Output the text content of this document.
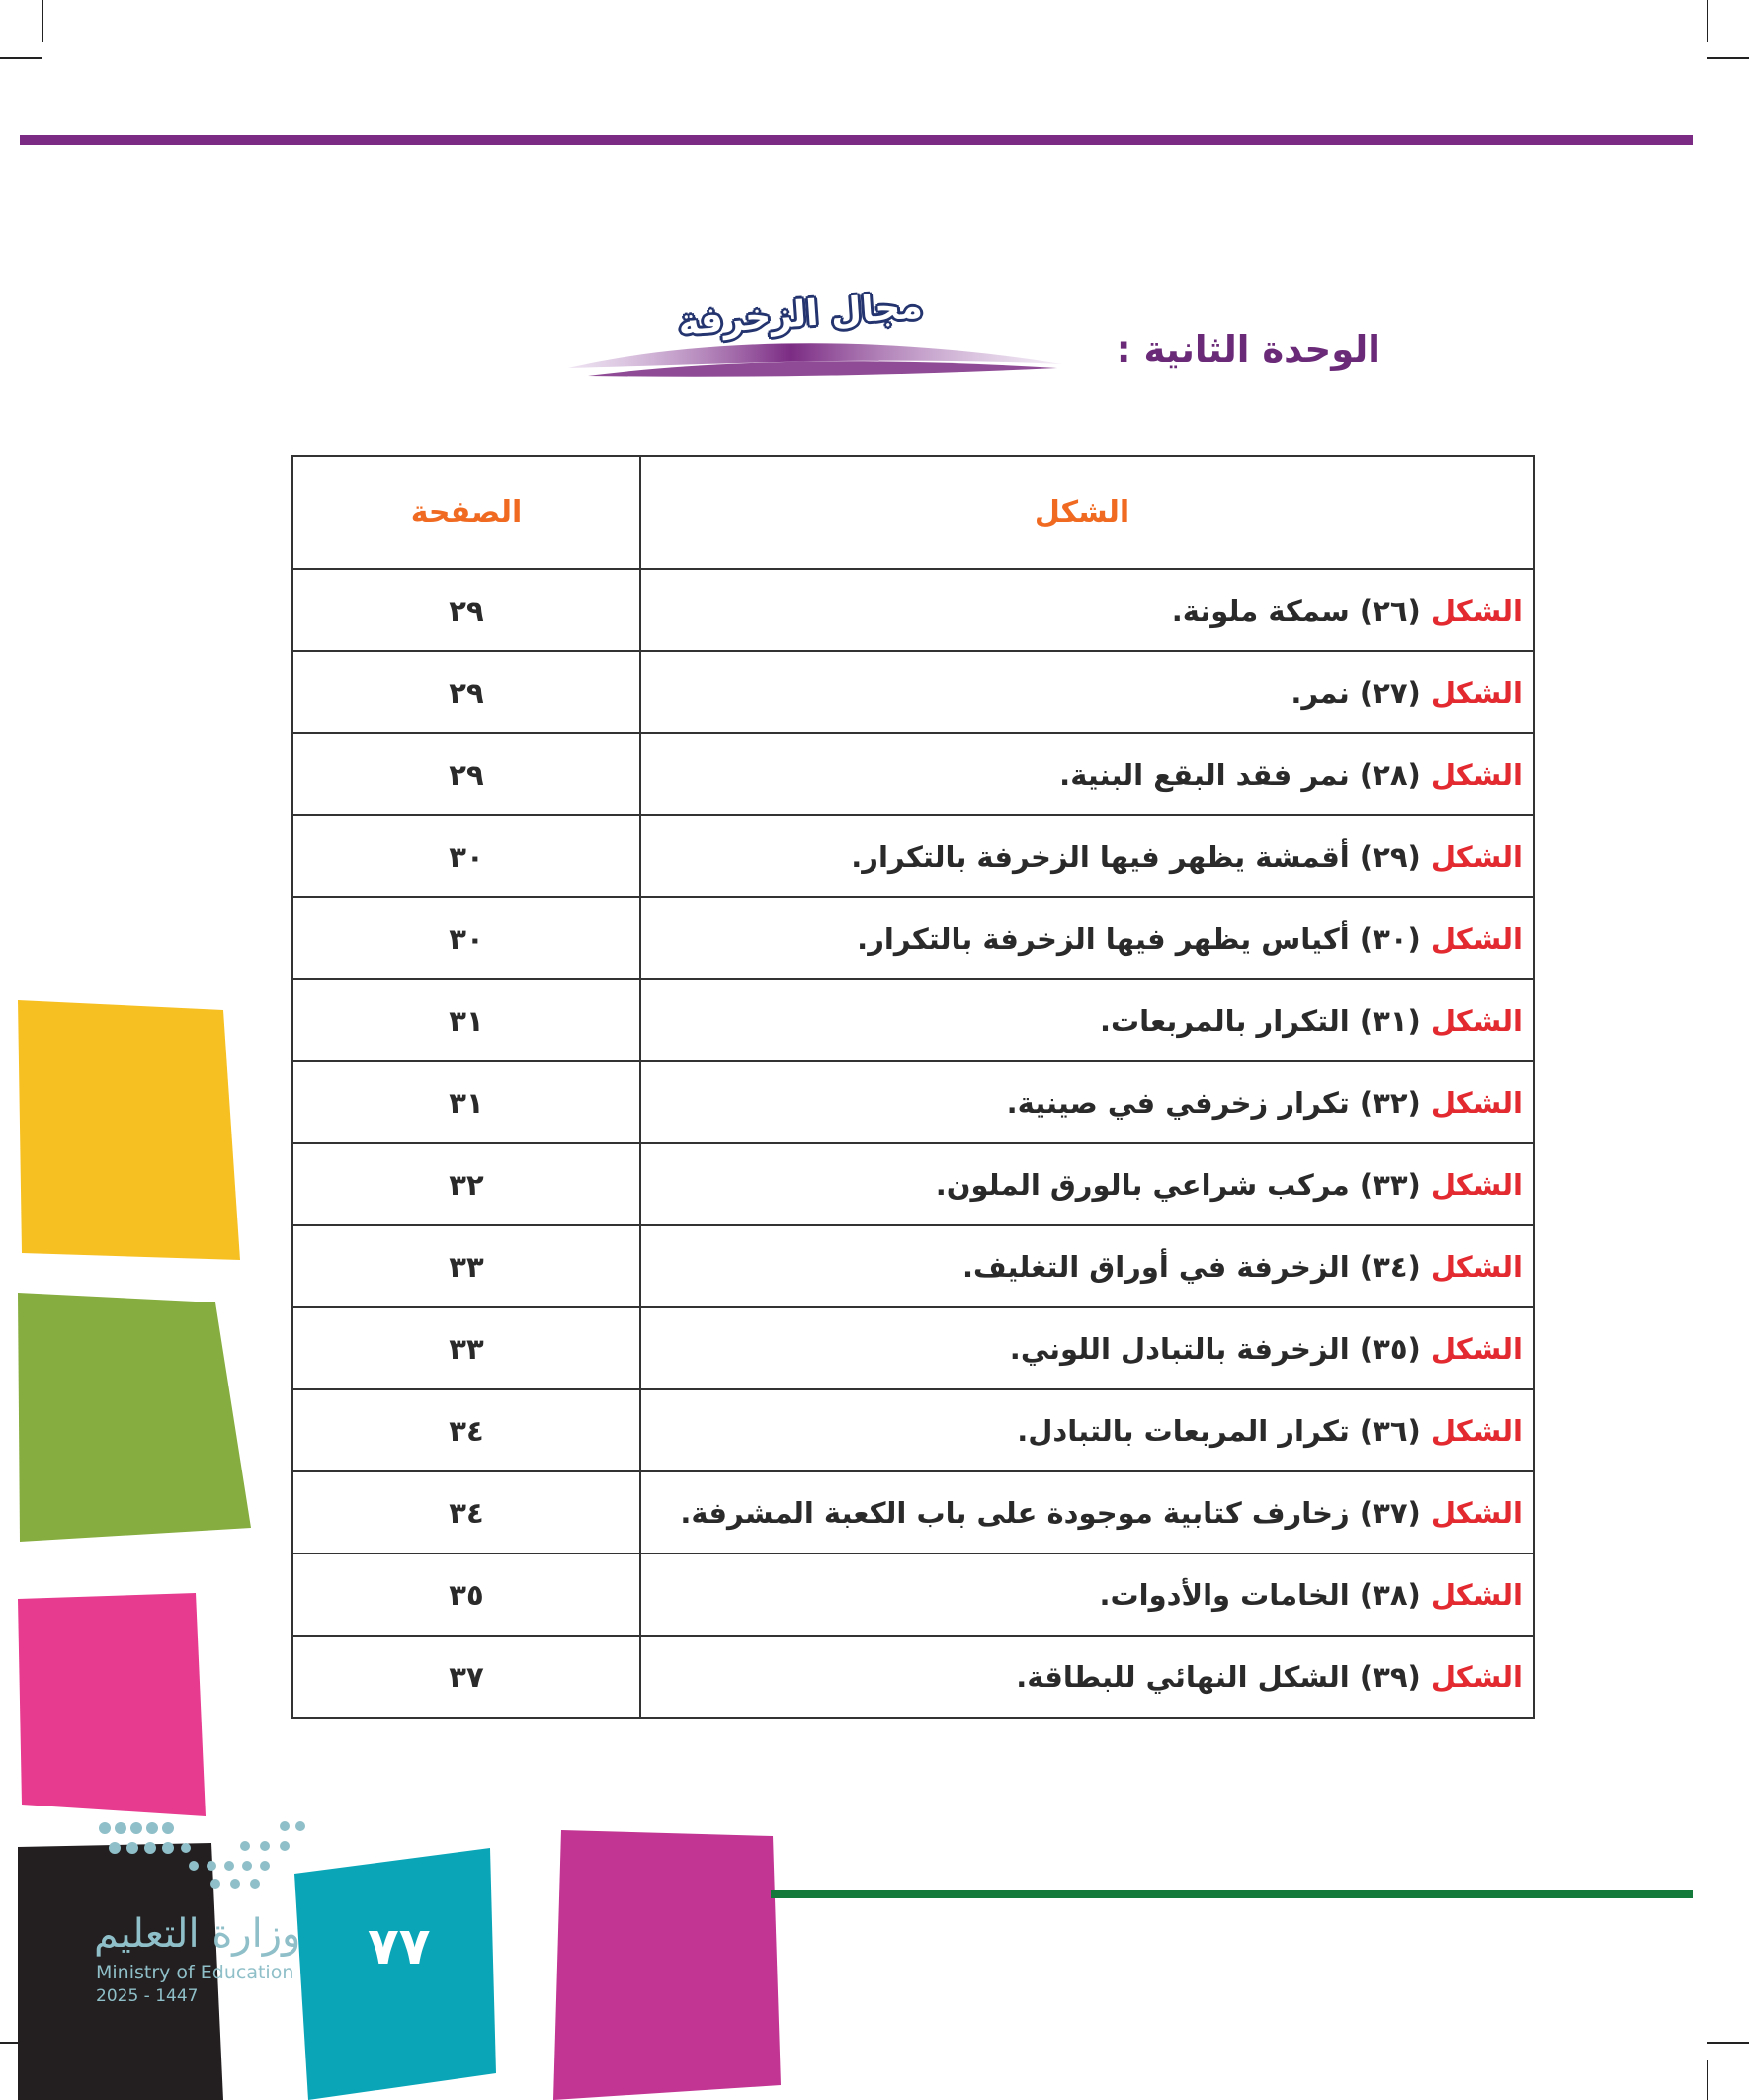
الوحدة الثانية :
مجال الزخرفة
الشكل	الصفحة
الشكل (٢٦) سمكة ملونة.	٢٩
الشكل (٢٧) نمر.	٢٩
الشكل (٢٨) نمر فقد البقع البنية.	٢٩
الشكل (٢٩) أقمشة يظهر فيها الزخرفة بالتكرار.	٣٠
الشكل (٣٠) أكياس يظهر فيها الزخرفة بالتكرار.	٣٠
الشكل (٣١) التكرار بالمربعات.	٣١
الشكل (٣٢) تكرار زخرفي في صينية.	٣١
الشكل (٣٣) مركب شراعي بالورق الملون.	٣٢
الشكل (٣٤) الزخرفة في أوراق التغليف.	٣٣
الشكل (٣٥) الزخرفة بالتبادل اللوني.	٣٣
الشكل (٣٦) تكرار المربعات بالتبادل.	٣٤
الشكل (٣٧) زخارف كتابية موجودة على باب الكعبة المشرفة.	٣٤
الشكل (٣٨) الخامات والأدوات.	٣٥
الشكل (٣٩) الشكل النهائي للبطاقة.	٣٧
وزارة التعليم
Ministry of Education
2025 - 1447
٧٧
